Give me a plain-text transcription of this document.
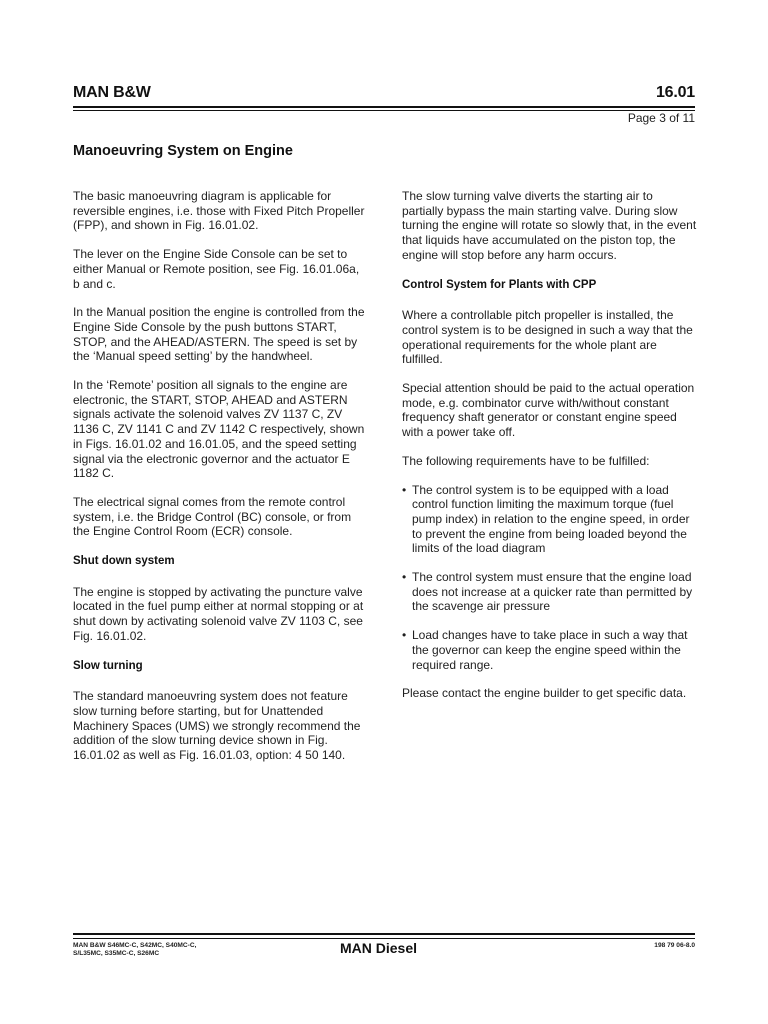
MAN B&W	16.01
Page 3 of 11
Manoeuvring System on Engine

The basic manoeuvring diagram is applicable for reversible engines, i.e. those with Fixed Pitch Propeller (FPP), and shown in Fig. 16.01.02.

The lever on the Engine Side Console can be set to either Manual or Remote position, see Fig. 16.01.06a, b and c.

In the Manual position the engine is controlled from the Engine Side Console by the push buttons START, STOP, and the AHEAD/ASTERN. The speed is set by the ‘Manual speed setting’ by the handwheel.

In the ‘Remote’ position all signals to the engine are electronic, the START, STOP, AHEAD and ASTERN signals activate the solenoid valves ZV 1137 C, ZV 1136 C, ZV 1141 C and ZV 1142 C respectively, shown in Figs. 16.01.02 and 16.01.05, and the speed setting signal via the electronic governor and the actuator E 1182 C.

The electrical signal comes from the remote control system, i.e. the Bridge Control (BC) console, or from the Engine Control Room (ECR) console.

Shut down system

The engine is stopped by activating the puncture valve located in the fuel pump either at normal stopping or at shut down by activating solenoid valve ZV 1103 C, see Fig. 16.01.02.

Slow turning

The standard manoeuvring system does not feature slow turning before starting, but for Unattended Machinery Spaces (UMS) we strongly recommend the addition of the slow turning device shown in Fig. 16.01.02 as well as Fig. 16.01.03, option: 4 50 140.

The slow turning valve diverts the starting air to partially bypass the main starting valve. During slow turning the engine will rotate so slowly that, in the event that liquids have accumulated on the piston top, the engine will stop before any harm occurs.

Control System for Plants with CPP

Where a controllable pitch propeller is installed, the control system is to be designed in such a way that the operational requirements for the whole plant are fulfilled.

Special attention should be paid to the actual operation mode, e.g. combinator curve with/without constant frequency shaft generator or constant engine speed with a power take off.

The following requirements have to be fulfilled:

• The control system is to be equipped with a load control function limiting the maximum torque (fuel pump index) in relation to the engine speed, in order to prevent the engine from being loaded beyond the limits of the load diagram
• The control system must ensure that the engine load does not increase at a quicker rate than permitted by the scavenge air pressure
• Load changes have to take place in such a way that the governor can keep the engine speed within the required range.

Please contact the engine builder to get specific data.

MAN B&W S46MC-C, S42MC, S40MC-C,
S/L35MC, S35MC-C, S26MC	MAN Diesel	198 79 06-8.0
